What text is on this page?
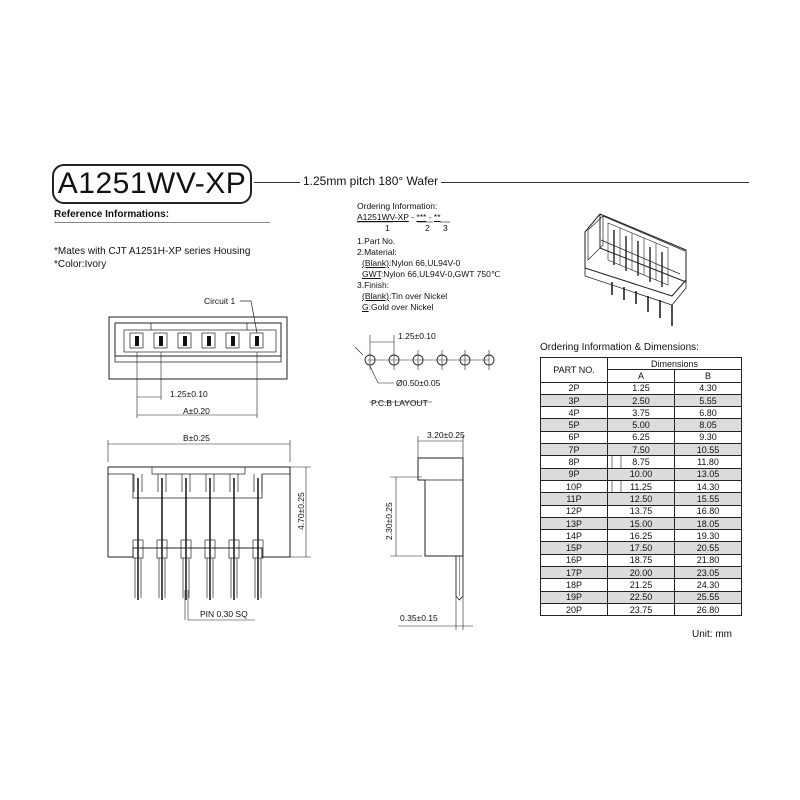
A1251WV-XP	1.25mm pitch 180° Wafer
Reference Informations:
*Mates with CJT A1251H-XP series Housing
*Color:Ivory
Ordering Information:
A1251WV-XP - *** - **
1	2 3
1.Part No.
2.Material:
(Blank):Nylon 66,UL94V-0
GWT:Nylon 66,UL94V-0,GWT 750℃
3.Finish:
(Blank):Tin over Nickel
G:Gold over Nickel
Circuit 1
1.25±0.10
A±0.20
B±0.25
4.70±0.25
PIN 0.30 SQ
1.25±0.10
Ø0.50±0.05
P.C.B LAYOUT
3.20±0.25
2.30±0.25
0.35±0.15
Ordering Information & Dimensions:
PART NO.	Dimensions	
	A	B
2P	1.25	4.30
3P	2.50	5.55
4P	3.75	6.80
5P	5.00	8.05
6P	6.25	9.30
7P	7.50	10.55
8P	8.75	11.80
9P	10.00	13.05
10P	11.25	14.30
11P	12.50	15.55
12P	13.75	16.80
13P	15.00	18.05
14P	16.25	19.30
15P	17.50	20.55
16P	18.75	21.80
17P	20.00	23.05
18P	21.25	24.30
19P	22.50	25.55
20P	23.75	26.80
Unit: mm
